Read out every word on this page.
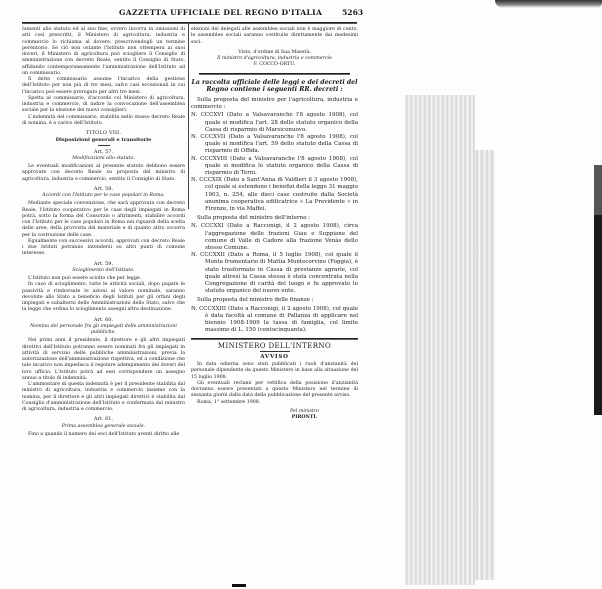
GAZZETTA UFFICIALE DEL REGNO D'ITALIA	5263

Iamenti allo statuto ed al suo fine, ovvero incorra in omissioni di atti così prescritti, il Ministero di agricoltura, industria e commercio lo richiama al dovere, prescrivendogli un termine perentorio. Se ciò non ostante l'Istituto non ottempera ai suoi doveri, il Ministero di agricoltura può sciogliere il Consiglio di amministrazione con decreto Reale, sentito il Consiglio di Stato, affidando contemporaneamente l'amministrazione dell'Istituto ad un commissario.

Il detto commissario assume l'incarico della gestione dell'Istituto per non più di tre mesi, salvo casi eccezionali in cui l'incarico può essere prorogato per altri tre mesi.

Spetta al commissario, d'accordo col Ministero di agricoltura, industria e commercio, di indire la convocazione dell'assemblea sociale per la elezione dei nuovi consiglieri.

L'indennità del commissario, stabilita nello stesso decreto Reale di nomina, è a carico dell'Istituto.

TITOLO VIII.
Disposizioni generali e transitorie
Art. 57.
Modificazioni allo statuto.

Le eventuali modificazioni al presente statuto debbono essere approvate con decreto Reale su proposta del ministro di agricoltura, industria e commercio, sentito il Consiglio di Stato.

Art. 58.
Accordi con l'Istituto per le case popolari in Roma.

Mediante speciale convenzione, che sarà approvata con decreto Reale, l'Istituto cooperativo per le case degli impiegati in Roma potrà, sotto la forma del Consorzio o altrimenti, stabilire accordi con l'Istituto per le case popolari in Roma nei riguardi della scelta delle aree, della provvista del materiale e di quanto altro occorra per la costruzione delle case.

Egualmente con successivi accordi, approvati con decreto Reale i due Istituti potranno intendersi su altri punti di comune interesse.

Art. 59.
Scioglimento dell'Istituto.

L'Istituto non può essere sciolto che per legge.

In caso di scioglimento, tutte le attività sociali, dopo pagate le passività e rimborsate le azioni al valore nominale, saranno devolute allo Stato a beneficio degli Istituti per gli orfani degli impiegati e subalterni delle Amministrazioni dello Stato, salvo che la legge che ordina lo scioglimento assegni altra destinazione.

Art. 60.
Nomina del personale fra gli impiegati delle amministrazioni pubbliche.

Nei primi anni il presidente, il direttore e gli altri impiegati direttivi dell'Istituto potranno essere nominati fra gli impiegati in attività di servizio delle pubbliche amministrazioni, previa la autorizzazione dell'amministrazione rispettiva, ed a condizione che tale incarico non impedisca il regolare adempimento dei doveri del loro ufficio. L'Istituto potrà ad essi corrispondere un assegno annuo a titolo di indennità.

L'ammontare di questa indennità è per il presidente stabilita dal ministro di agricoltura, industria e commercio insieme con la nomina, per il direttore e gli altri impiegati direttivi è stabilita dal Consiglio d'amministrazione dell'Istituto e confermata dal ministro di agricoltura, industria e commercio.

Art. 61.
Prima assemblea generale sociale.

Fino a quando il numero dei soci dell'Istituto aventi diritto alle

elezioni dei delegati alle assemblee sociali non è maggiore di cento, le assemblee sociali saranno costituite direttamente dai medesimi soci.

Visto, d'ordine di Sua Maestà:

Il ministro d'agricoltura, industria e commercio

F. COCCO-ORTU.

La raccolta ufficiale delle leggi e dei decreti del Regno contiene i seguenti RR. decreti :

Sulla proposta del ministro per l'agricoltura, industria e commercio :

N. CCCXVI (Dato a Valsavaranche l'8 agosto 1908), col quale si modifica l'art. 28 dello statuto organico della Cassa di risparmio di Marsiconuovo.

N. CCCXVII (Dato a Valsavaranche l'8 agosto 1908), col quale si modifica l'art. 59 dello statuto della Cassa di risparmio di Offida.

N. CCCXVIII (Dato a Valsavaranche l'8 agosto 1908), col quale si modifica lo statuto organico della Cassa di risparmio di Terni.

N. CCCXIX (Dato a Sant'Anna di Valdieri il 3 agosto 1908), col quale si estendono i benefizi della legge 31 maggio 1903, n. 254, alle dieci case costruite dalla Società anonima cooperativa edificatrice « La Previdente » in Firenze, in via Maffei.

Sulla proposta del ministro dell'interno :

N. CCCXXI (Dato a Racconigi, il 2 agosto 1908), circa l'aggregazione delle frazioni Giau e Suppiane del comune di Valle di Cadore alla frazione Venàs dello stesso Comune.

N. CCCXXII (Dato a Roma, il 5 luglio 1908), col quale il Monte frumentario di Mattia Montecorvino (Foggia), è stato trasformato in Cassa di prestanze agrarie, col quale altresì la Cassa stessa è stata concentrata nella Congregazione di carità del luogo e fu approvato lo statuto organico del nuovo ente.

Sulla proposta del ministro delle finanze :

N. CCCXXIII (Dato a Racconigi, il 2 agosto 1908), col quale è data facoltà al comune di Pallanza di applicare nel biennio 1908-1909 la tassa di famiglia, col limite massimo di L. 150 (centocinquanta).

MINISTERO DELL'INTERNO
AVVISO

In data odierna sono stati pubblicati i ruoli d'anzianità del personale dipendente da questo Ministero in base alla situazione del 15 luglio 1908.

Gli eventuali reclami per rettifica della posizione d'anzianità dovranno essere presentati a questo Ministero nel termine di sessanta giorni dalla data della pubblicazione del presente avviso.

Roma, 1° settembre 1908.

Pel ministro
PIRONTI.
